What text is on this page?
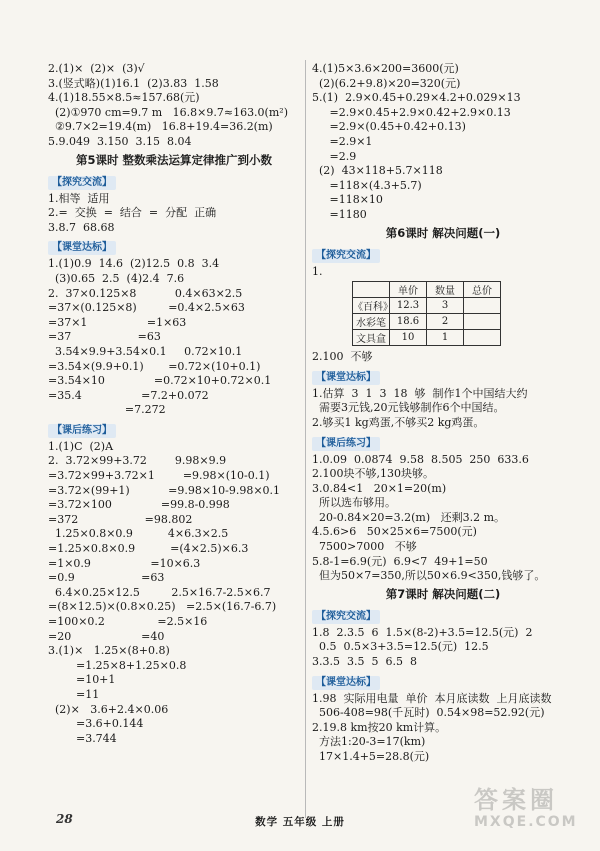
2.(1)×  (2)×  (3)√
3.(竖式略)(1)16.1  (2)3.83  1.58
4.(1)18.55×8.5≈157.68(元)
(2)①970 cm=9.7 m   16.8×9.7≈163.0(m²)
②9.7×2=19.4(m)   16.8+19.4=36.2(m)
5.9.049  3.150  3.15  8.04
第5课时 整数乘法运算定律推广到小数
【探究交流】
1.相等  适用
2.=  交换  =  结合  =  分配  正确
3.8.7  68.68
【课堂达标】
1.(1)0.9  14.6  (2)12.5  0.8  3.4
(3)0.65  2.5  (4)2.4  7.6
2.  37×0.125×8           0.4×63×2.5
=37×(0.125×8)         =0.4×2.5×63
=37×1                 =1×63
=37                   =63
3.54×9.9+3.54×0.1     0.72×10.1
=3.54×(9.9+0.1)       =0.72×(10+0.1)
=3.54×10              =0.72×10+0.72×0.1
=35.4                 =7.2+0.072
=7.272
【课后练习】
1.(1)C  (2)A
2.  3.72×99+3.72        9.98×9.9
=3.72×99+3.72×1        =9.98×(10-0.1)
=3.72×(99+1)           =9.98×10-9.98×0.1
=3.72×100              =99.8-0.998
=372                   =98.802
1.25×0.8×0.9          4×6.3×2.5
=1.25×0.8×0.9          =(4×2.5)×6.3
=1×0.9                 =10×6.3
=0.9                   =63
6.4×0.25×12.5         2.5×16.7-2.5×6.7
=(8×12.5)×(0.8×0.25)   =2.5×(16.7-6.7)
=100×0.2               =2.5×16
=20                    =40
3.(1)×   1.25×(8+0.8)
=1.25×8+1.25×0.8
=10+1
=11
(2)×   3.6+2.4×0.06
=3.6+0.144
=3.744
4.(1)5×3.6×200=3600(元)
(2)(6.2+9.8)×20=320(元)
5.(1)  2.9×0.45+0.29×4.2+0.029×13
=2.9×0.45+2.9×0.42+2.9×0.13
=2.9×(0.45+0.42+0.13)
=2.9×1
=2.9
(2)  43×118+5.7×118
=118×(4.3+5.7)
=118×10
=1180
第6课时 解决问题(一)
【探究交流】
1.
	单价	数量	总价
《百科》	12.3	3	
水彩笔	18.6	2	
文具盒	10	1	
2.100  不够
【课堂达标】
1.估算  3  1  3  18  够  制作1个中国结大约
需要3元钱,20元钱够制作6个中国结。
2.够买1 kg鸡蛋,不够买2 kg鸡蛋。
【课后练习】
1.0.09  0.0874  9.58  8.505  250  633.6
2.100块不够,130块够。
3.0.84<1   20×1=20(m)
所以选布够用。
20-0.84×20=3.2(m)   还剩3.2 m。
4.5.6>6   50×25×6=7500(元)
7500>7000   不够
5.8-1=6.9(元)  6.9<7  49+1=50
但为50×7=350,所以50×6.9<350,钱够了。
第7课时 解决问题(二)
【探究交流】
1.8  2.3.5  6  1.5×(8-2)+3.5=12.5(元)  2
0.5  0.5×3+3.5=12.5(元)  12.5
3.3.5  3.5  5  6.5  8
【课堂达标】
1.98  实际用电量  单价  本月底读数  上月底读数
506-408=98(千瓦时)  0.54×98=52.92(元)
2.19.8 km按20 km计算。
方法1:20-3=17(km)
17×1.4+5=28.8(元)
28	数学 五年级 上册
答案圈
MXQE.COM
